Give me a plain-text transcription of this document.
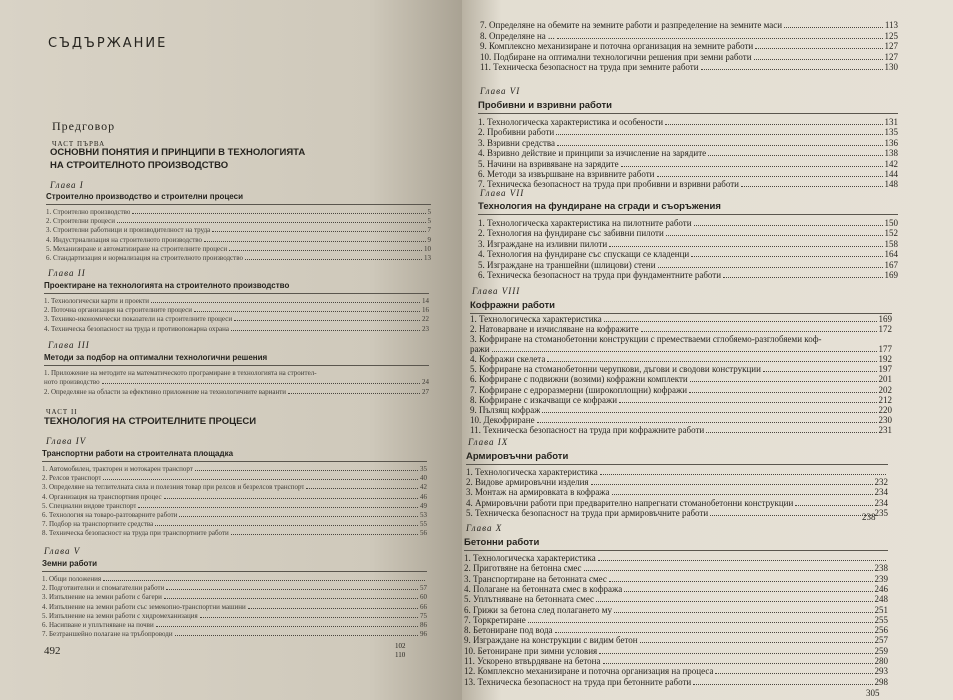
СЪДЪРЖАНИЕ
Предговор
ЧАСТ ПЪРВА
ОСНОВНИ ПОНЯТИЯ И ПРИНЦИПИ В ТЕХНОЛОГИЯТА
НА СТРОИТЕЛНОТО ПРОИЗВОДСТВО
Глава I
Строително производство и строителни процеси
1. Строително производство	5
2. Строителни процеси	5
3. Строителни работници и производителност на труда	7
4. Индустриализация на строителното производство	9
5. Механизиране и автоматизиране на строителните процеси	10
6. Стандартизация и нормализация на строителното производство	13
Глава II
Проектиране на технологията на строителното производство
1. Технологически карти и проекти	14
2. Поточна организация на строителните процеси	16
3. Технико-икономически показатели на строителните процеси	22
4. Техническа безопасност на труда и противопожарна охрана	23
Глава III
Методи за подбор на оптимални технологични решения
1. Приложение на методите на математическото програмиране в технологията на строител-
ното производство	24
2. Определяне на области за ефективно приложение на технологичните варианти	27
ЧАСТ II
ТЕХНОЛОГИЯ НА СТРОИТЕЛНИТЕ ПРОЦЕСИ
Глава IV
Транспортни работи на строителната площадка
1. Автомобилен, тракторен и мотокарен транспорт	35
2. Релсов транспорт	40
3. Определяне на теглителната сила и полезния товар при релсов и безрелсов транспорт	42
4. Организация на транспортния процес	46
5. Специални видове транспорт	49
6. Технология на товаро-разтоварните работи	53
7. Подбор на транспортните средства	55
8. Техническа безопасност на труда при транспортните работи	56
Глава V
Земни работи
1. Общи положения
2. Подготвителни и спомагателни работи	57
3. Изпълнение на земни работи с багери	60
4. Изпълнение на земни работи със земекопно-транспортни машини	66
5. Изпълнение на земни работи с хидромеханизация	75
6. Насипване и уплътняване на почви	86
7. Безтраншейно полагане на тръбопроводи	96
102
110
492
7. Определяне на обемите на земните работи и разпределение на земните маси	113
8. Определяне на ...	125
9. Комплексно механизиране и поточна организация на земните работи	127
10. Подбиране на оптимални технологични решения при земни работи	127
11. Техническа безопасност на труда при земните работи	130
Глава VI
Пробивни и взривни работи
1. Технологическа характеристика и особености	131
2. Пробивни работи	135
3. Взривни средства	136
4. Взривно действие и принципи за изчисление на зарядите	138
5. Начини на взривяване на зарядите	142
6. Методи за извършване на взривните работи	144
7. Техническа безопасност на труда при пробивни и взривни работи	148
Глава VII
Технология на фундиране на сгради и съоръжения
1. Технологическа характеристика на пилотните работи	150
2. Технология на фундиране със забивни пилоти	152
3. Изграждане на изливни пилоти	158
4. Технология на фундиране със спускащи се кладенци	164
5. Изграждане на траншейни (шлицови) стени	167
6. Техническа безопасност на труда при фундаментните работи	169
Глава VIII
Кофражни работи
1. Технологическа характеристика	169
2. Натоварване и изчисляване на кофражите	172
3. Кофриране на стоманобетонни конструкции с преместваеми сглобяемо-разглобяеми коф-
ражи	177
4. Кофражи скелета	192
5. Кофриране на стоманобетонни черупкови, дъгови и сводови конструкции	197
6. Кофриране с подвижни (возими) кофражни комплекти	201
7. Кофриране с едроразмерни (широкоплощни) кофражи	202
8. Кофриране с изкачващи се кофражи	212
9. Пълзящ кофраж	220
10. Декофриране	230
11. Техническа безопасност на труда при кофражните работи	231
Глава IX
Армировъчни работи
1. Технологическа характеристика
2. Видове армировъчни изделия	232
3. Монтаж на армировката в кофража	234
4. Армировъчни работи при предварително напрегнати стоманобетонни конструкции	234
5. Техническа безопасност на труда при армировъчните работи	235
238
Глава X
Бетонни работи
1. Технологическа характеристика
2. Приготвяне на бетонна смес	238
3. Транспортиране на бетонната смес	239
4. Полагане на бетонната смес в кофража	246
5. Уплътняване на бетонната смес	248
6. Грижи за бетона след полагането му	251
7. Торкретиране	255
8. Бетониране под вода	256
9. Изграждане на конструкции с видим бетон	257
10. Бетониране при зимни условия	259
11. Ускорено втвърдяване на бетона	280
12. Комплексно механизиране и поточна организация на процеса	293
13. Техническа безопасност на труда при бетонните работи	298
305
